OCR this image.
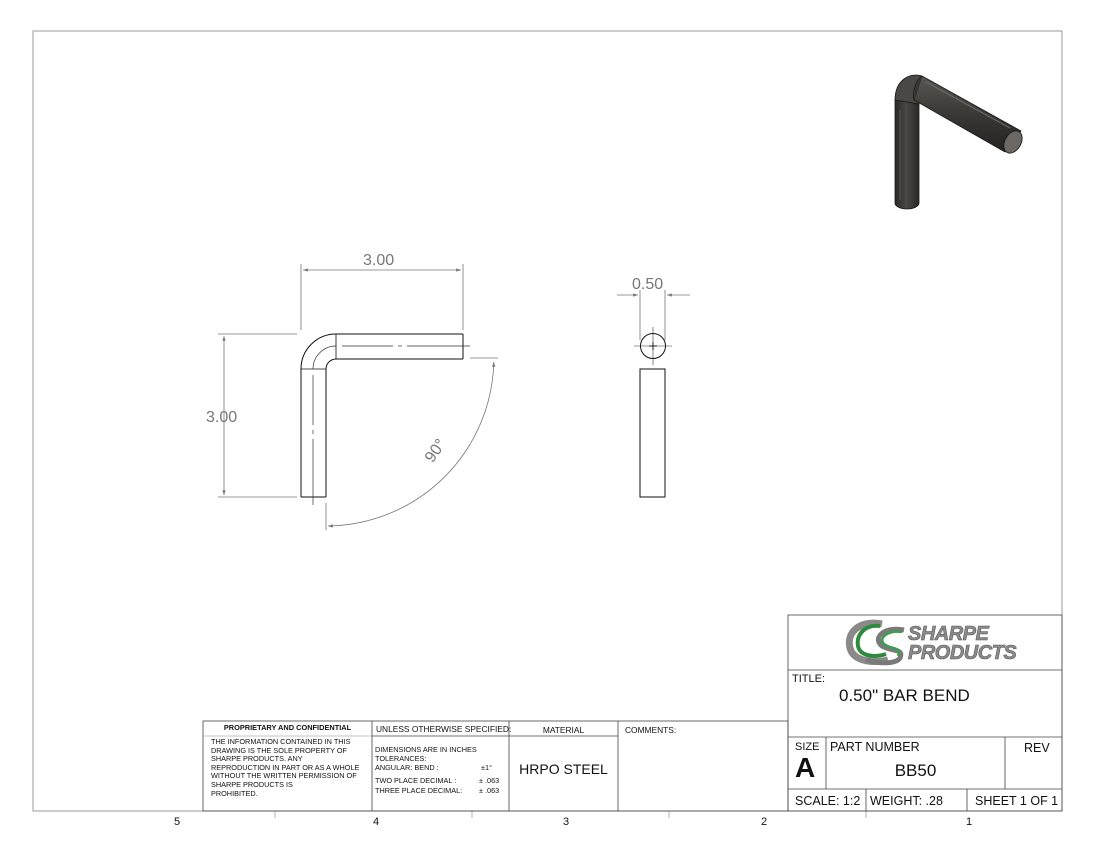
3.00
3.00
90°
0.50
5	4	3	2	1
PROPRIETARY AND CONFIDENTIAL
THE INFORMATION CONTAINED IN THIS
DRAWING IS THE SOLE PROPERTY OF
SHARPE PRODUCTS. ANY
REPRODUCTION IN PART OR AS A WHOLE
WITHOUT THE WRITTEN PERMISSION OF
SHARPE PRODUCTS IS
PROHIBITED.
UNLESS OTHERWISE SPECIFIED:
DIMENSIONS ARE IN INCHES
TOLERANCES:
ANGULAR: BEND :	±1°
TWO PLACE DECIMAL :	± .063
THREE PLACE DECIMAL: ± .063
MATERIAL
HRPO STEEL
COMMENTS:
SHARPE
PRODUCTS
TITLE:
0.50" BAR BEND
SIZE
A
PART NUMBER
BB50
REV
SCALE: 1:2 WEIGHT: .28	SHEET 1 OF 1
